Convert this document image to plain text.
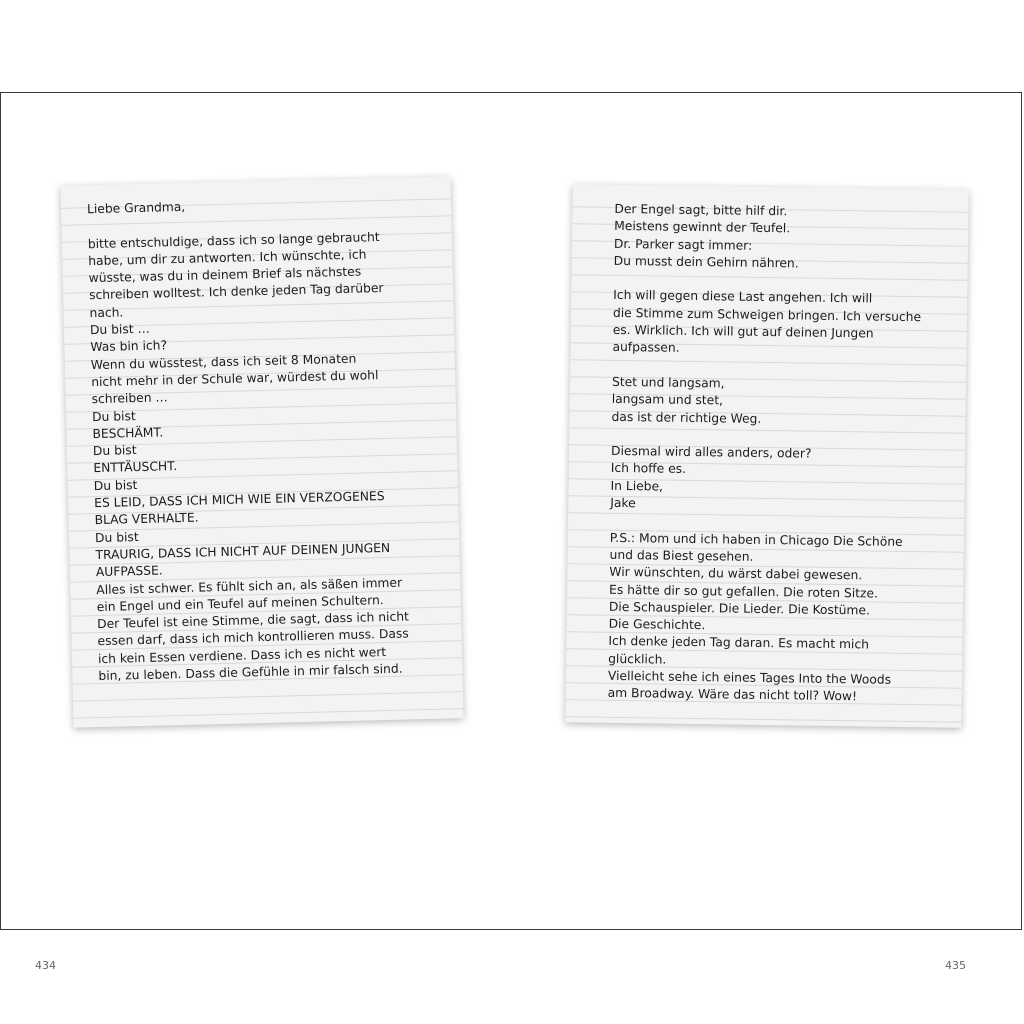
Liebe Grandma,
bitte entschuldige, dass ich so lange gebraucht
habe, um dir zu antworten. Ich wünschte, ich
wüsste, was du in deinem Brief als nächstes
schreiben wolltest. Ich denke jeden Tag darüber
nach.
Du bist …
Was bin ich?
Wenn du wüsstest, dass ich seit 8 Monaten
nicht mehr in der Schule war, würdest du wohl
schreiben …
Du bist
BESCHÄMT.
Du bist
ENTTÄUSCHT.
Du bist
ES LEID, DASS ICH MICH WIE EIN VERZOGENES
BLAG VERHALTE.
Du bist
TRAURIG, DASS ICH NICHT AUF DEINEN JUNGEN
AUFPASSE.
Alles ist schwer. Es fühlt sich an, als säßen immer
ein Engel und ein Teufel auf meinen Schultern.
Der Teufel ist eine Stimme, die sagt, dass ich nicht
essen darf, dass ich mich kontrollieren muss. Dass
ich kein Essen verdiene. Dass ich es nicht wert
bin, zu leben. Dass die Gefühle in mir falsch sind.
Der Engel sagt, bitte hilf dir.
Meistens gewinnt der Teufel.
Dr. Parker sagt immer:
Du musst dein Gehirn nähren.
Ich will gegen diese Last angehen. Ich will
die Stimme zum Schweigen bringen. Ich versuche
es. Wirklich. Ich will gut auf deinen Jungen
aufpassen.
Stet und langsam,
langsam und stet,
das ist der richtige Weg.
Diesmal wird alles anders, oder?
Ich hoffe es.
In Liebe,
Jake
P.S.: Mom und ich haben in Chicago Die Schöne
und das Biest gesehen.
Wir wünschten, du wärst dabei gewesen.
Es hätte dir so gut gefallen. Die roten Sitze.
Die Schauspieler. Die Lieder. Die Kostüme.
Die Geschichte.
Ich denke jeden Tag daran. Es macht mich
glücklich.
Vielleicht sehe ich eines Tages Into the Woods
am Broadway. Wäre das nicht toll? Wow!
434	435
